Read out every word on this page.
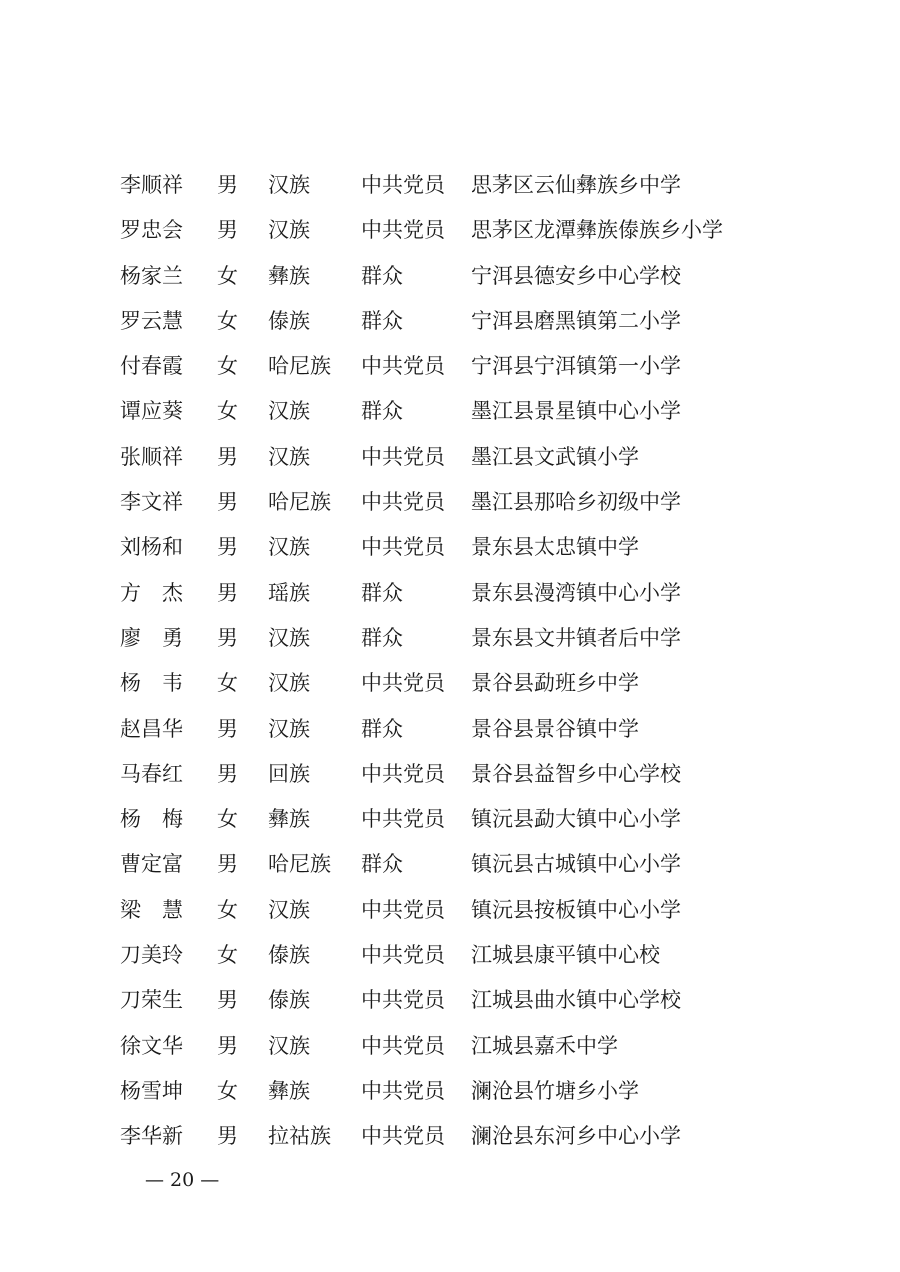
李顺祥 男 汉族 中共党员 思茅区云仙彝族乡中学
罗忠会 男 汉族 中共党员 思茅区龙潭彝族傣族乡小学
杨家兰 女 彝族 群众	宁洱县德安乡中心学校
罗云慧 女 傣族 群众	宁洱县磨黑镇第二小学
付春霞 女 哈尼族 中共党员 宁洱县宁洱镇第一小学
谭应葵 女 汉族 群众	墨江县景星镇中心小学
张顺祥 男 汉族 中共党员 墨江县文武镇小学
李文祥 男 哈尼族 中共党员 墨江县那哈乡初级中学
刘杨和 男 汉族 中共党员 景东县太忠镇中学
方　杰 男 瑶族 群众	景东县漫湾镇中心小学
廖　勇 男 汉族 群众	景东县文井镇者后中学
杨　韦 女 汉族 中共党员 景谷县勐班乡中学
赵昌华 男 汉族 群众	景谷县景谷镇中学
马春红 男 回族 中共党员 景谷县益智乡中心学校
杨　梅 女 彝族 中共党员 镇沅县勐大镇中心小学
曹定富 男 哈尼族 群众	镇沅县古城镇中心小学
梁　慧 女 汉族 中共党员 镇沅县按板镇中心小学
刀美玲 女 傣族 中共党员 江城县康平镇中心校
刀荣生 男 傣族 中共党员 江城县曲水镇中心学校
徐文华 男 汉族 中共党员 江城县嘉禾中学
杨雪坤 女 彝族 中共党员 澜沧县竹塘乡小学
李华新 男 拉祜族 中共党员 澜沧县东河乡中心小学
— 20 —
